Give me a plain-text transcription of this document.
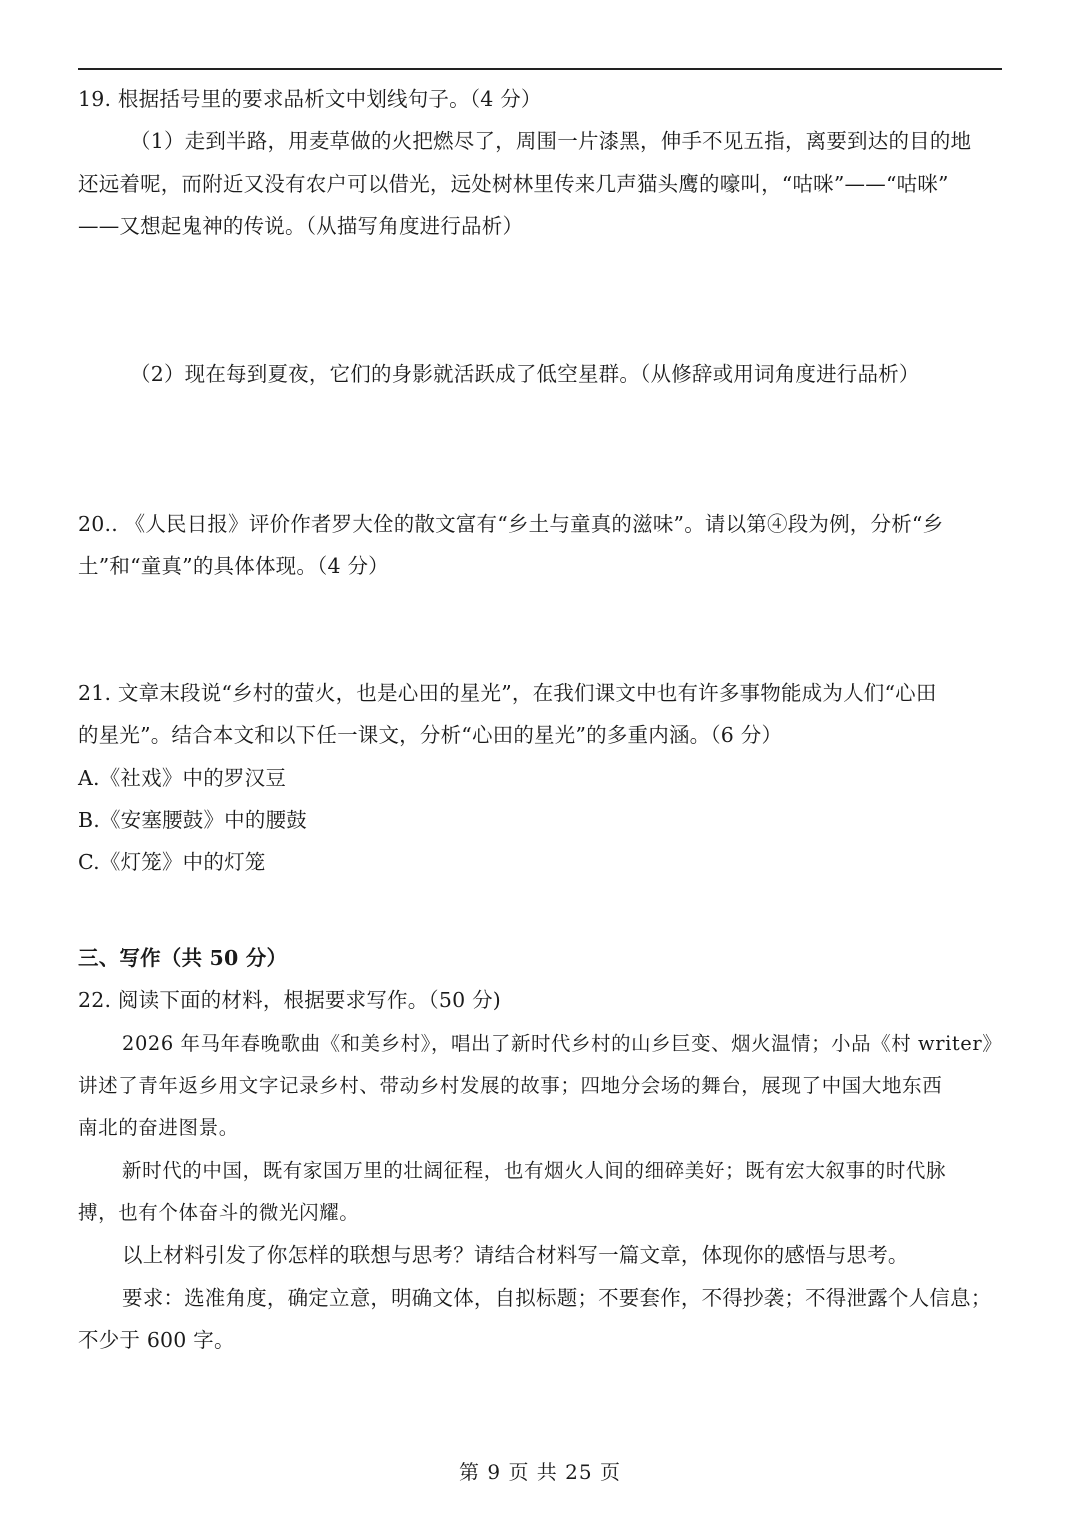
19. 根据括号里的要求品析文中划线句子。（4 分）
（1）走到半路，用麦草做的火把燃尽了，周围一片漆黑，伸手不见五指，离要到达的目的地
还远着呢，而附近又没有农户可以借光，远处树林里传来几声猫头鹰的嚎叫，“咕咪”——“咕咪”
——又想起鬼神的传说。（从描写角度进行品析）
（2）现在每到夏夜，它们的身影就活跃成了低空星群。（从修辞或用词角度进行品析）
20.. 《人民日报》评价作者罗大佺的散文富有“乡土与童真的滋味”。请以第④段为例，分析“乡
土”和“童真”的具体体现。（4 分）
21. 文章末段说“乡村的萤火，也是心田的星光”，在我们课文中也有许多事物能成为人们“心田
的星光”。结合本文和以下任一课文，分析“心田的星光”的多重内涵。（6 分）
A.《社戏》中的罗汉豆
B.《安塞腰鼓》中的腰鼓
C.《灯笼》中的灯笼
三、写作（共 50 分）
22. 阅读下面的材料，根据要求写作。（50 分)
2026 年马年春晚歌曲《和美乡村》，唱出了新时代乡村的山乡巨变、烟火温情；小品《村 writer》
讲述了青年返乡用文字记录乡村、带动乡村发展的故事；四地分会场的舞台，展现了中国大地东西
南北的奋进图景。
新时代的中国，既有家国万里的壮阔征程，也有烟火人间的细碎美好；既有宏大叙事的时代脉
搏，也有个体奋斗的微光闪耀。
以上材料引发了你怎样的联想与思考？请结合材料写一篇文章，体现你的感悟与思考。
要求：选准角度，确定立意，明确文体，自拟标题；不要套作，不得抄袭；不得泄露个人信息；
不少于 600 字。
第 9 页 共 25 页
